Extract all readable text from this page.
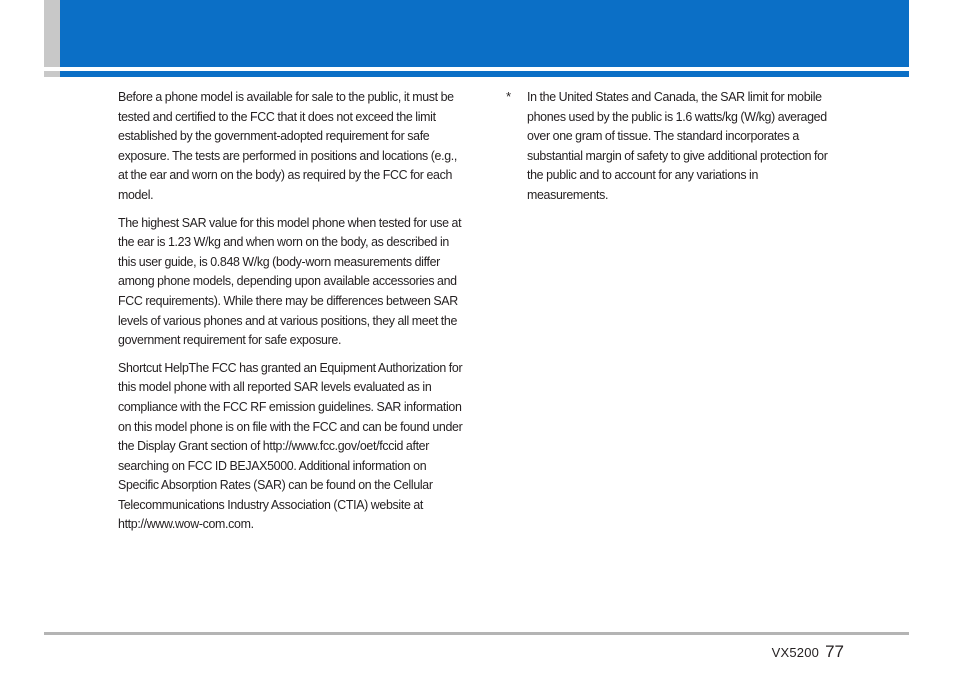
Before a phone model is available for sale to the public, it must be tested and certified to the FCC that it does not exceed the limit established by the government-adopted requirement for safe exposure. The tests are performed in positions and locations (e.g., at the ear and worn on the body) as required by the FCC for each model.

The highest SAR value for this model phone when tested for use at the ear is 1.23 W/kg and when worn on the body, as described in this user guide, is 0.848 W/kg (body-worn measurements differ among phone models, depending upon available accessories and FCC requirements). While there may be differences between SAR levels of various phones and at various positions, they all meet the government requirement for safe exposure.

Shortcut HelpThe FCC has granted an Equipment Authorization for this model phone with all reported SAR levels evaluated as in compliance with the FCC RF emission guidelines. SAR information on this model phone is on file with the FCC and can be found under the Display Grant section of http://www.fcc.gov/oet/fccid after searching on FCC ID BEJAX5000. Additional information on Specific Absorption Rates (SAR) can be found on the Cellular Telecommunications Industry Association (CTIA) website at http://www.wow-com.com.

*	In the United States and Canada, the SAR limit for mobile phones used by the public is 1.6 watts/kg (W/kg) averaged over one gram of tissue. The standard incorporates a substantial margin of safety to give additional protection for the public and to account for any variations in measurements.
VX5200 77
